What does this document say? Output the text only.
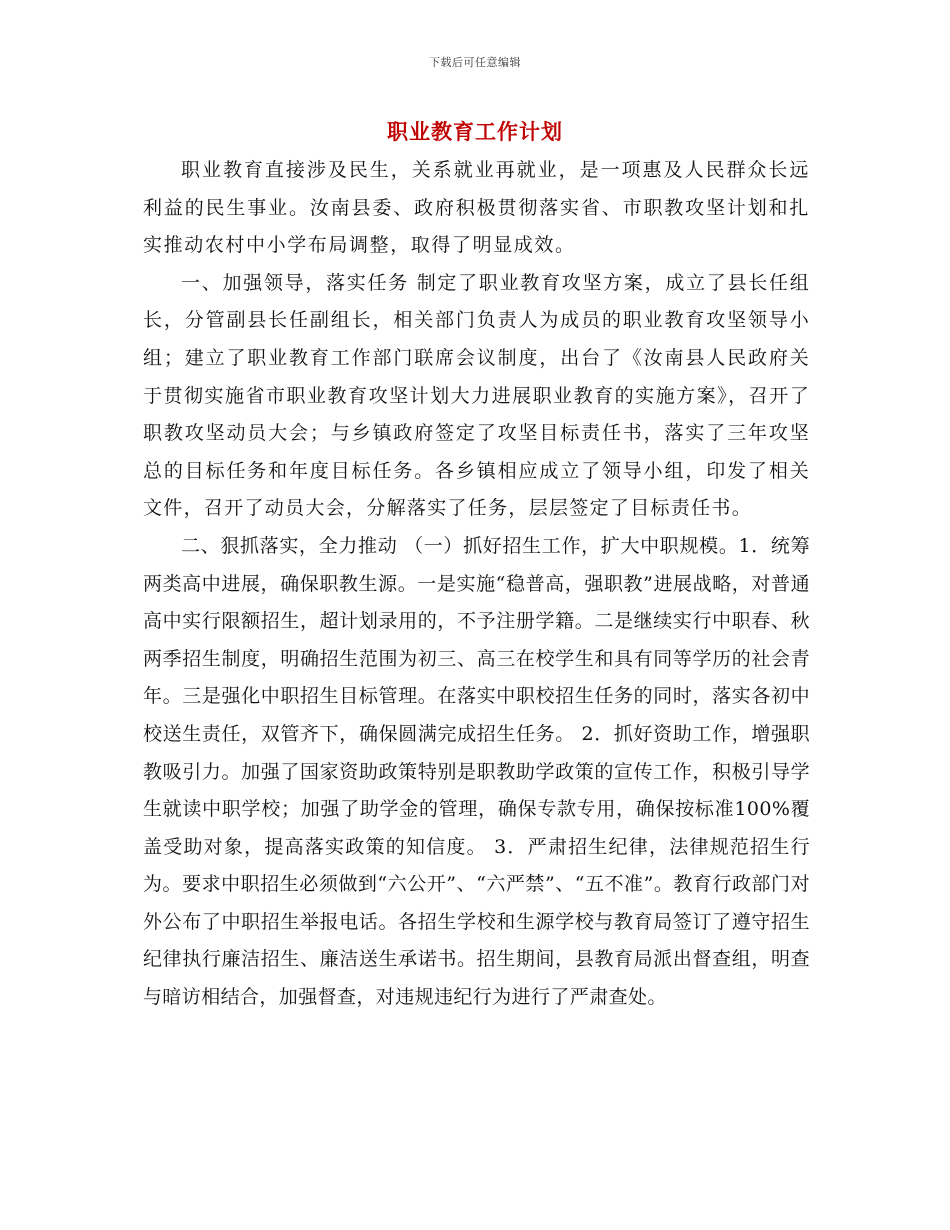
下载后可任意编辑
职业教育工作计划

职业教育直接涉及民生，关系就业再就业，是一项惠及人民群众长远利益的民生事业。汝南县委、政府积极贯彻落实省、市职教攻坚计划和扎实推动农村中小学布局调整，取得了明显成效。

一、加强领导，落实任务 制定了职业教育攻坚方案，成立了县长任组长，分管副县长任副组长，相关部门负责人为成员的职业教育攻坚领导小组；建立了职业教育工作部门联席会议制度，出台了《汝南县人民政府关于贯彻实施省市职业教育攻坚计划大力进展职业教育的实施方案》，召开了职教攻坚动员大会；与乡镇政府签定了攻坚目标责任书，落实了三年攻坚总的目标任务和年度目标任务。各乡镇相应成立了领导小组，印发了相关文件，召开了动员大会，分解落实了任务，层层签定了目标责任书。

二、狠抓落实，全力推动 （一）抓好招生工作，扩大中职规模。1．统筹两类高中进展，确保职教生源。一是实施“稳普高，强职教”进展战略，对普通高中实行限额招生，超计划录用的，不予注册学籍。二是继续实行中职春、秋两季招生制度，明确招生范围为初三、高三在校学生和具有同等学历的社会青年。三是强化中职招生目标管理。在落实中职校招生任务的同时，落实各初中校送生责任，双管齐下，确保圆满完成招生任务。 2．抓好资助工作，增强职教吸引力。加强了国家资助政策特别是职教助学政策的宣传工作，积极引导学生就读中职学校；加强了助学金的管理，确保专款专用，确保按标准100%覆盖受助对象，提高落实政策的知信度。 3．严肃招生纪律，法律规范招生行为。要求中职招生必须做到“六公开”、“六严禁”、“五不准”。教育行政部门对外公布了中职招生举报电话。各招生学校和生源学校与教育局签订了遵守招生纪律执行廉洁招生、廉洁送生承诺书。招生期间，县教育局派出督查组，明查与暗访相结合，加强督查，对违规违纪行为进行了严肃查处。
